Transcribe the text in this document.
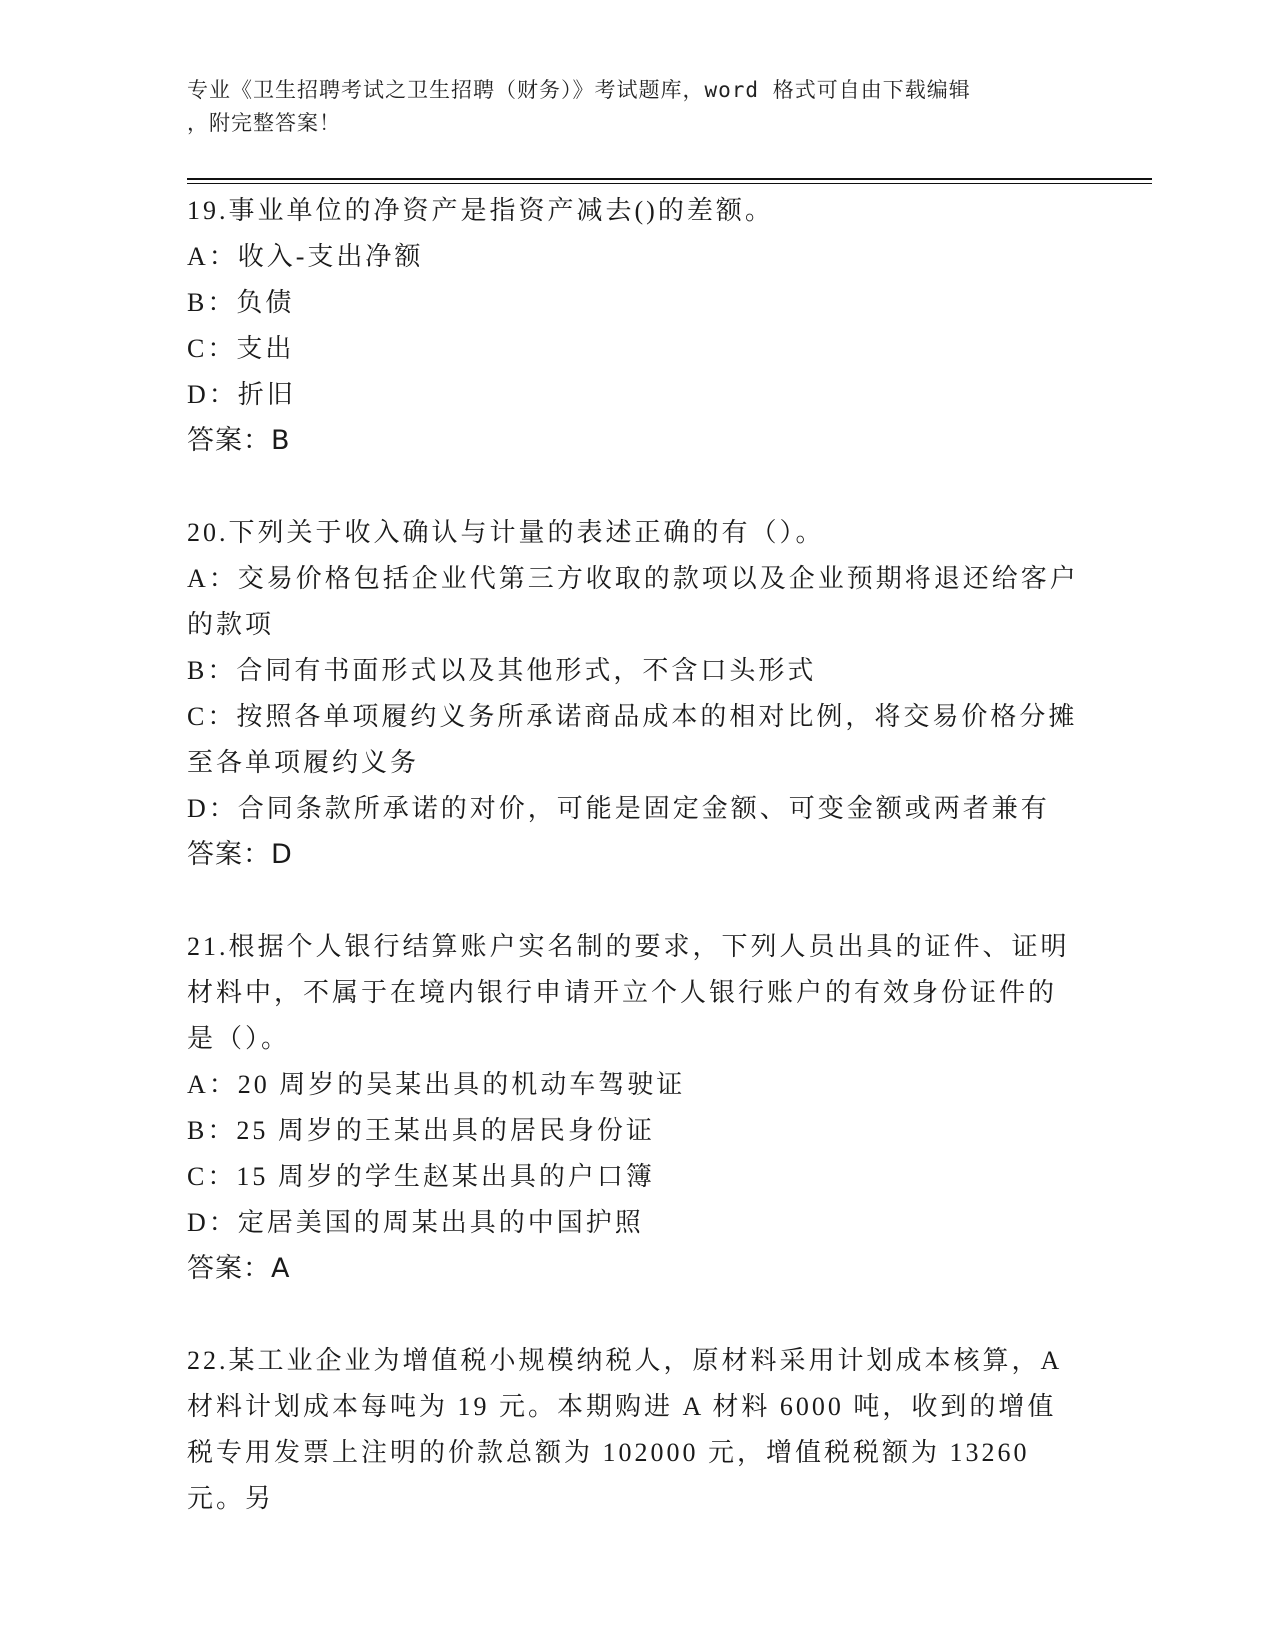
专业《卫生招聘考试之卫生招聘（财务）》考试题库，word 格式可自由下载编辑
，附完整答案！

19.事业单位的净资产是指资产减去()的差额。

A：收入-支出净额

B：负债

C：支出

D：折旧

答案：B

20.下列关于收入确认与计量的表述正确的有（）。

A：交易价格包括企业代第三方收取的款项以及企业预期将退还给客户的款项

B：合同有书面形式以及其他形式，不含口头形式

C：按照各单项履约义务所承诺商品成本的相对比例，将交易价格分摊至各单项履约义务

D：合同条款所承诺的对价，可能是固定金额、可变金额或两者兼有

答案：D

21.根据个人银行结算账户实名制的要求，下列人员出具的证件、证明材料中，不属于在境内银行申请开立个人银行账户的有效身份证件的是（）。

A：20 周岁的吴某出具的机动车驾驶证

B：25 周岁的王某出具的居民身份证

C：15 周岁的学生赵某出具的户口簿

D：定居美国的周某出具的中国护照

答案：A

22.某工业企业为增值税小规模纳税人，原材料采用计划成本核算，A 材料计划成本每吨为 19 元。本期购进 A 材料 6000 吨，收到的增值税专用发票上注明的价款总额为 102000 元，增值税税额为 13260 元。另
